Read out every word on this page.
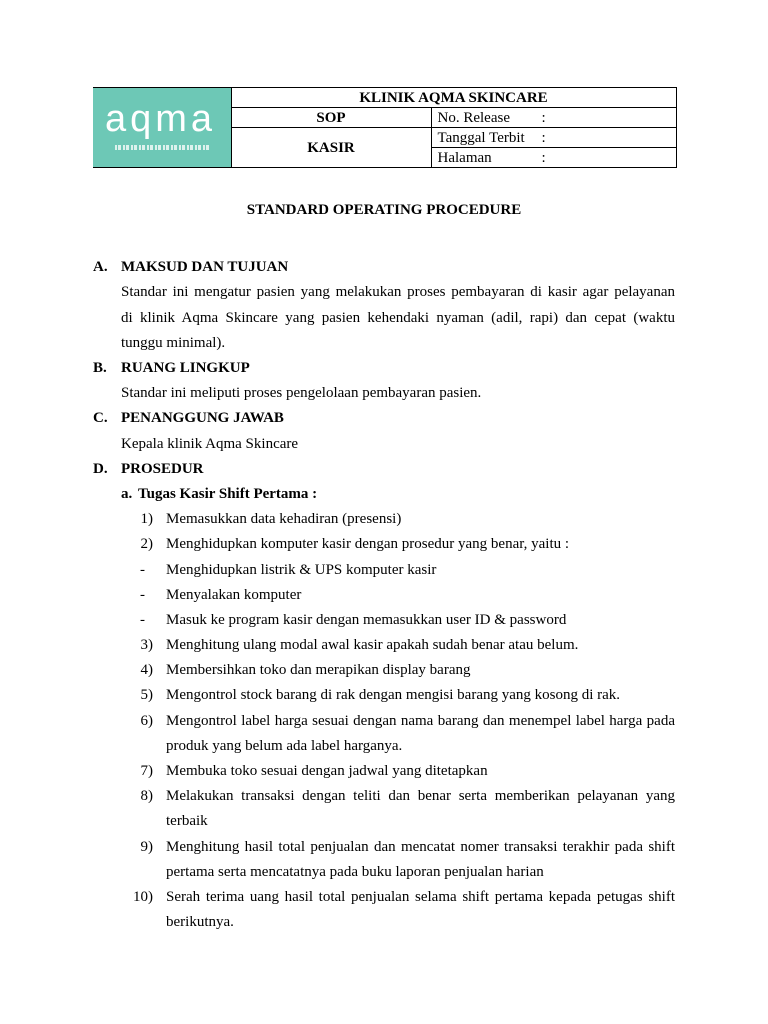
aqma	KLINIK AQMA SKINCARE	
	SOP	No. Release :
	KASIR	Tanggal Terbit :
		Halaman :
STANDARD OPERATING PROCEDURE
A. MAKSUD DAN TUJUAN
Standar ini mengatur pasien yang melakukan proses pembayaran di kasir agar pelayanan
di klinik Aqma Skincare yang pasien kehendaki nyaman (adil, rapi) dan cepat (waktu
tunggu minimal).
B. RUANG LINGKUP
Standar ini meliputi proses pengelolaan pembayaran pasien.
C. PENANGGUNG JAWAB
Kepala klinik Aqma Skincare
D. PROSEDUR
a. Tugas Kasir Shift Pertama :
1) Memasukkan data kehadiran (presensi)
2) Menghidupkan komputer kasir dengan prosedur yang benar, yaitu :
- Menghidupkan listrik & UPS komputer kasir
- Menyalakan komputer
- Masuk ke program kasir dengan memasukkan user ID & password
3) Menghitung ulang modal awal kasir apakah sudah benar atau belum.
4) Membersihkan toko dan merapikan display barang
5) Mengontrol stock barang di rak dengan mengisi barang yang kosong di rak.
6) Mengontrol label harga sesuai dengan nama barang dan menempel label harga pada
produk yang belum ada label harganya.
7) Membuka toko sesuai dengan jadwal yang ditetapkan
8) Melakukan transaksi dengan teliti dan benar serta memberikan pelayanan yang
terbaik
9) Menghitung hasil total penjualan dan mencatat nomer transaksi terakhir pada shift
pertama serta mencatatnya pada buku laporan penjualan harian
10) Serah terima uang hasil total penjualan selama shift pertama kepada petugas shift
berikutnya.
